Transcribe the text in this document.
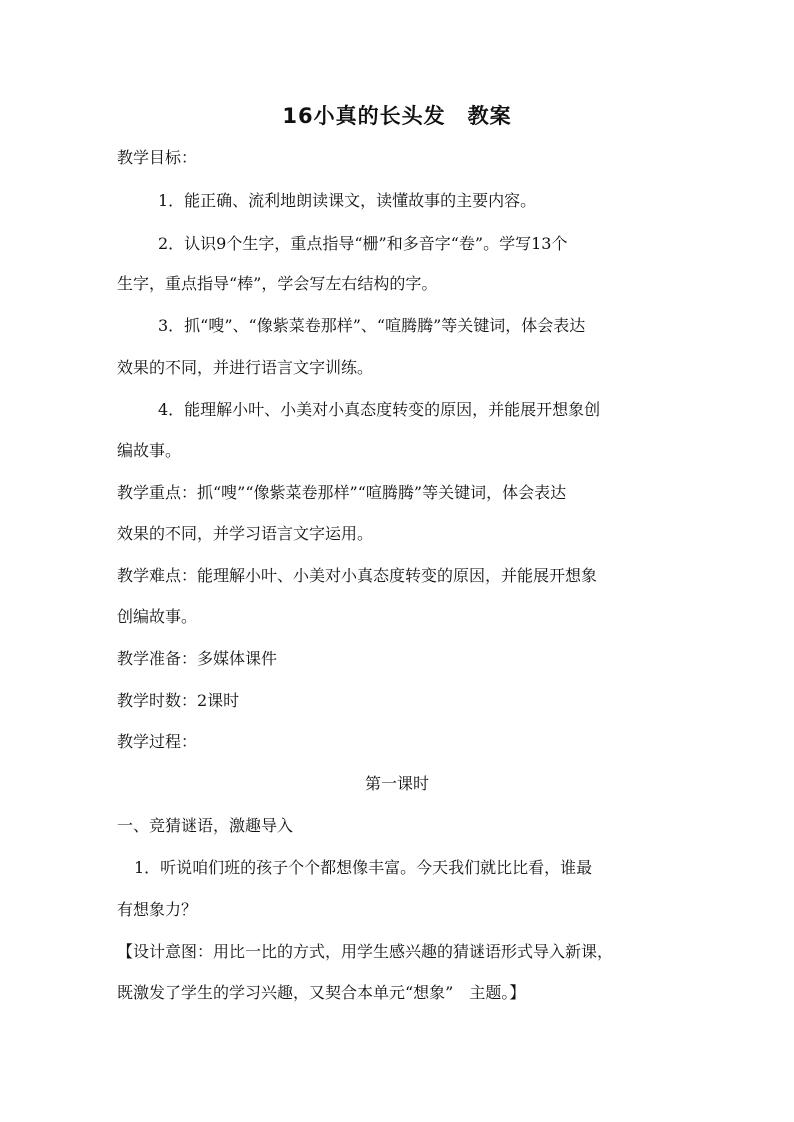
16小真的长头发　教案
教学目标：
1．能正确、流利地朗读课文，读懂故事的主要内容。
2．认识9个生字，重点指导“栅”和多音字“卷”。学写13个
生字，重点指导“棒”，学会写左右结构的字。
3．抓“嗖”、“像紫菜卷那样”、“喧腾腾”等关键词，体会表达
效果的不同，并进行语言文字训练。
4．能理解小叶、小美对小真态度转变的原因，并能展开想象创
编故事。
教学重点：抓“嗖”“像紫菜卷那样”“喧腾腾”等关键词，体会表达
效果的不同，并学习语言文字运用。
教学难点：能理解小叶、小美对小真态度转变的原因，并能展开想象
创编故事。
教学准备：多媒体课件
教学时数：2课时
教学过程：
第一课时
一、竞猜谜语，激趣导入
1．听说咱们班的孩子个个都想像丰富。今天我们就比比看，谁最
有想象力？
【设计意图：用比一比的方式，用学生感兴趣的猜谜语形式导入新课，
既激发了学生的学习兴趣，又契合本单元“想象”　主题。】
